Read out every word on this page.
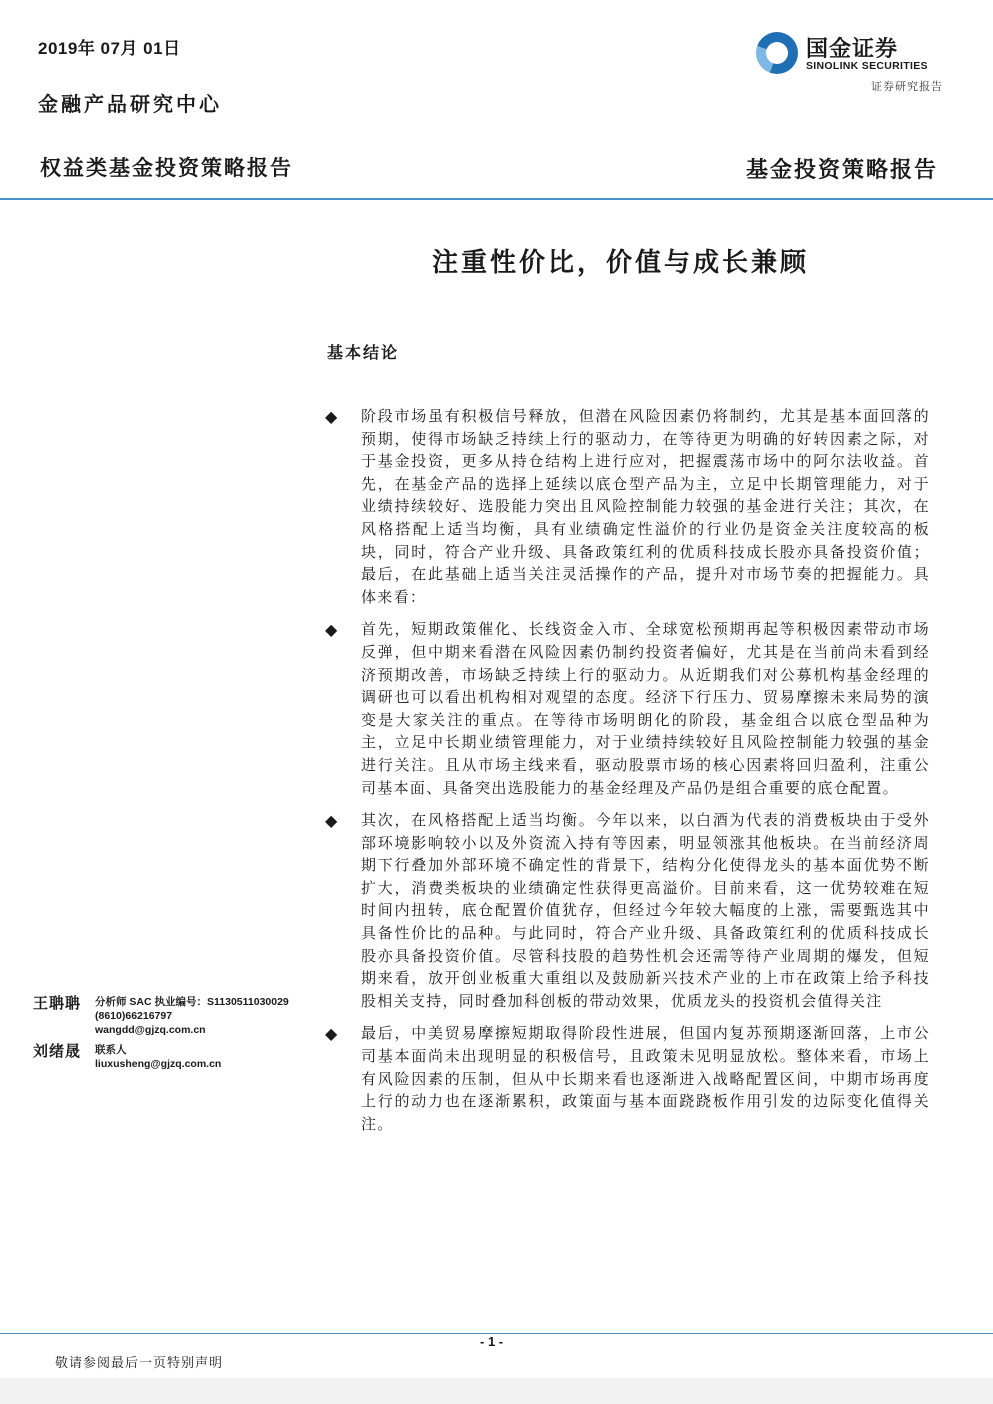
2019年 07月 01日
金融产品研究中心
国金证券
SINOLINK SECURITIES
证券研究报告
权益类基金投资策略报告	基金投资策略报告
注重性价比，价值与成长兼顾
基本结论
◆ 阶段市场虽有积极信号释放，但潜在风险因素仍将制约，尤其是基本面回落的预期，使得市场缺乏持续上行的驱动力，在等待更为明确的好转因素之际，对于基金投资，更多从持仓结构上进行应对，把握震荡市场中的阿尔法收益。首先，在基金产品的选择上延续以底仓型产品为主，立足中长期管理能力，对于业绩持续较好、选股能力突出且风险控制能力较强的基金进行关注；其次，在风格搭配上适当均衡，具有业绩确定性溢价的行业仍是资金关注度较高的板块，同时，符合产业升级、具备政策红利的优质科技成长股亦具备投资价值；最后，在此基础上适当关注灵活操作的产品，提升对市场节奏的把握能力。具体来看：

◆ 首先，短期政策催化、长线资金入市、全球宽松预期再起等积极因素带动市场反弹，但中期来看潜在风险因素仍制约投资者偏好，尤其是在当前尚未看到经济预期改善，市场缺乏持续上行的驱动力。从近期我们对公募机构基金经理的调研也可以看出机构相对观望的态度。经济下行压力、贸易摩擦未来局势的演变是大家关注的重点。在等待市场明朗化的阶段，基金组合以底仓型品种为主，立足中长期业绩管理能力，对于业绩持续较好且风险控制能力较强的基金进行关注。且从市场主线来看，驱动股票市场的核心因素将回归盈利，注重公司基本面、具备突出选股能力的基金经理及产品仍是组合重要的底仓配置。

◆ 其次，在风格搭配上适当均衡。今年以来，以白酒为代表的消费板块由于受外部环境影响较小以及外资流入持有等因素，明显领涨其他板块。在当前经济周期下行叠加外部环境不确定性的背景下，结构分化使得龙头的基本面优势不断扩大，消费类板块的业绩确定性获得更高溢价。目前来看，这一优势较难在短时间内扭转，底仓配置价值犹存，但经过今年较大幅度的上涨，需要甄选其中具备性价比的品种。与此同时，符合产业升级、具备政策红利的优质科技成长股亦具备投资价值。尽管科技股的趋势性机会还需等待产业周期的爆发，但短期来看，放开创业板重大重组以及鼓励新兴技术产业的上市在政策上给予科技股相关支持，同时叠加科创板的带动效果，优质龙头的投资机会值得关注

◆ 最后，中美贸易摩擦短期取得阶段性进展，但国内复苏预期逐渐回落，上市公司基本面尚未出现明显的积极信号，且政策未见明显放松。整体来看，市场上有风险因素的压制，但从中长期来看也逐渐进入战略配置区间，中期市场再度上行的动力也在逐渐累积，政策面与基本面跷跷板作用引发的边际变化值得关注。

王聃聃 分析师 SAC 执业编号：S1130511030029
(8610)66216797
wangdd@gjzq.com.cn
刘绪晟 联系人
liuxusheng@gjzq.com.cn
- 1 -
敬请参阅最后一页特别声明
